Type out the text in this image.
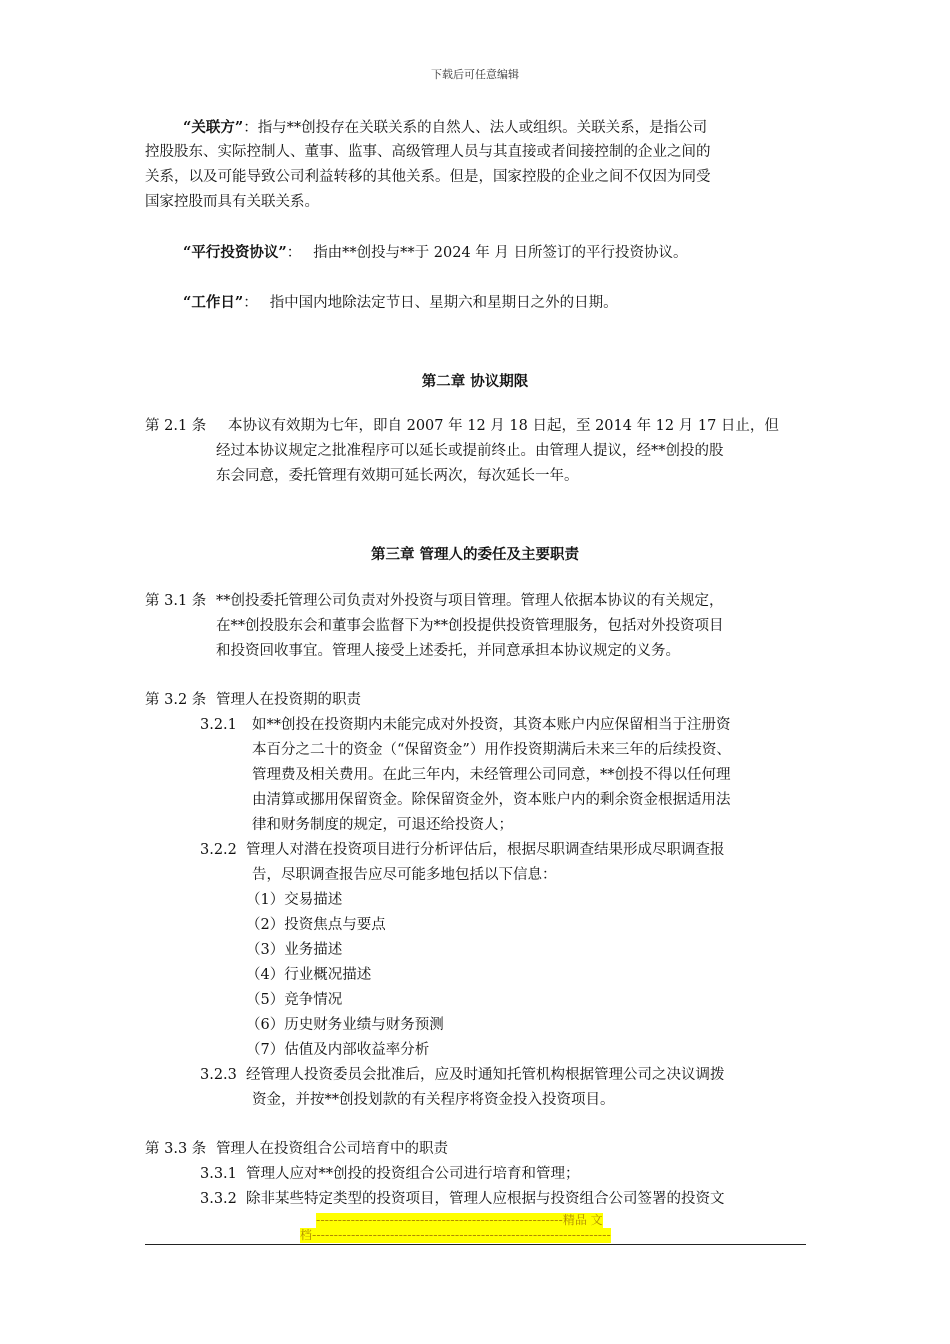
下载后可任意编辑
“关联方”：指与**创投存在关联关系的自然人、法人或组织。关联关系，是指公司
控股股东、实际控制人、董事、监事、高级管理人员与其直接或者间接控制的企业之间的
关系，以及可能导致公司利益转移的其他关系。但是，国家控股的企业之间不仅因为同受
国家控股而具有关联关系。
“平行投资协议”： 指由**创投与**于 2024 年 月 日所签订的平行投资协议。
“工作日”： 指中国内地除法定节日、星期六和星期日之外的日期。
第二章 协议期限
第 2.1 条 本协议有效期为七年，即自 2007 年 12 月 18 日起，至 2014 年 12 月 17 日止，但
经过本协议规定之批准程序可以延长或提前终止。由管理人提议，经**创投的股
东会同意，委托管理有效期可延长两次，每次延长一年。
第三章 管理人的委任及主要职责
第 3.1 条 **创投委托管理公司负责对外投资与项目管理。管理人依据本协议的有关规定，
在**创投股东会和董事会监督下为**创投提供投资管理服务，包括对外投资项目
和投资回收事宜。管理人接受上述委托，并同意承担本协议规定的义务。
第 3.2 条 管理人在投资期的职责
3.2.1 如**创投在投资期内未能完成对外投资，其资本账户内应保留相当于注册资
本百分之二十的资金（“保留资金”）用作投资期满后未来三年的后续投资、
管理费及相关费用。在此三年内，未经管理公司同意，**创投不得以任何理
由清算或挪用保留资金。除保留资金外，资本账户内的剩余资金根据适用法
律和财务制度的规定，可退还给投资人；
3.2.2 管理人对潜在投资项目进行分析评估后，根据尽职调查结果形成尽职调查报
告，尽职调查报告应尽可能多地包括以下信息：
（1）交易描述
（2）投资焦点与要点
（3）业务描述
（4）行业概况描述
（5）竞争情况
（6）历史财务业绩与财务预测
（7）估值及内部收益率分析
3.2.3 经管理人投资委员会批准后，应及时通知托管机构根据管理公司之决议调拨
资金，并按**创投划款的有关程序将资金投入投资项目。
第 3.3 条 管理人在投资组合公司培育中的职责
3.3.1 管理人应对**创投的投资组合公司进行培育和管理；
3.3.2 除非某些特定类型的投资项目，管理人应根据与投资组合公司签署的投资文
---------------------------------------------------------精品 文
档---------------------------------------------------------------------
